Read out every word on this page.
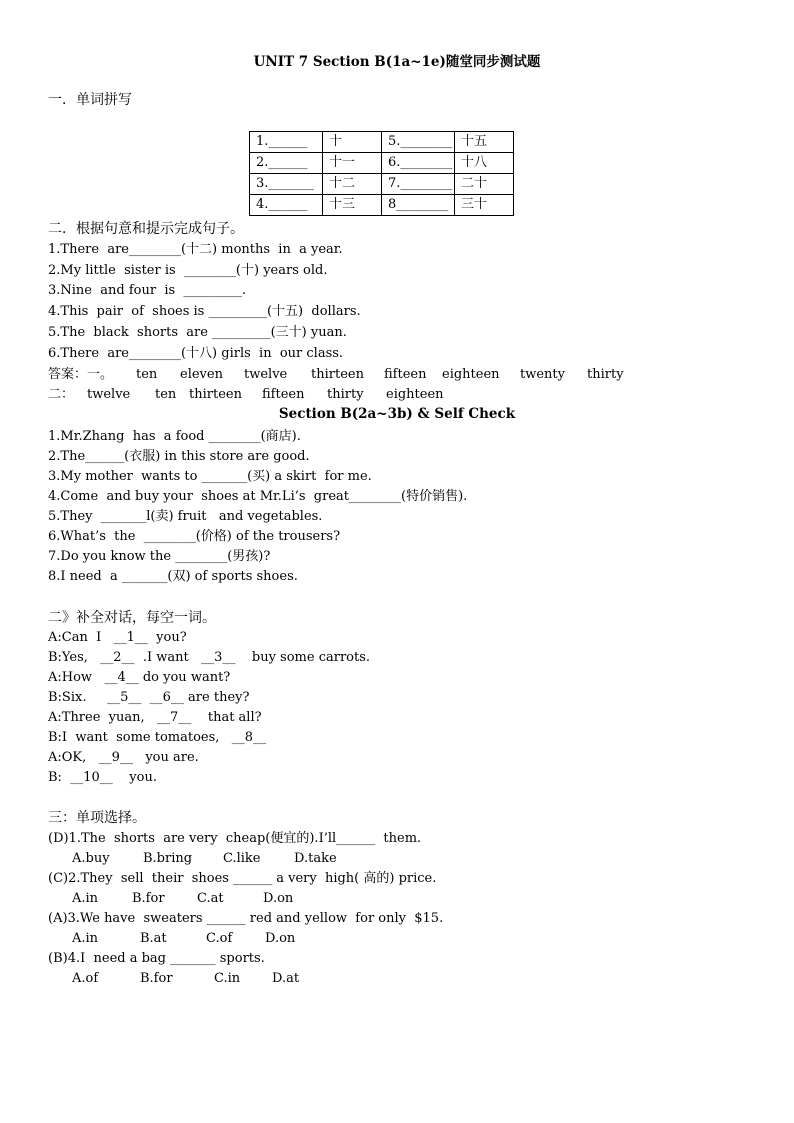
UNIT 7 Section B(1a~1e)随堂同步测试题
一．单词拼写
1.______	十	5.________	十五
2.______	十一	6.________	十八
3._______	十二	7.________	二十
4.______	十三	8________	三十
二．根据句意和提示完成句子。
1.There  are________(十二) months  in  a year.
2.My little  sister is  ________(十) years old.
3.Nine  and four  is  _________.
4.This  pair  of  shoes is _________(十五)  dollars.
5.The  black  shorts  are _________(三十) yuan.
6.There  are________(十八) girls  in  our class.
答案：一。 ten eleven twelve thirteen fifteen eighteen twenty thirty
二： twelve ten thirteen fifteen thirty eighteen
Section B(2a~3b) & Self Check
1.Mr.Zhang  has  a food ________(商店).
2.The______(衣服) in this store are good.
3.My mother  wants to _______(买) a skirt  for me.
4.Come  and buy your  shoes at Mr.Li’s  great________(特价销售).
5.They  _______l(卖) fruit   and vegetables.
6.What’s  the  ________(价格) of the trousers?
7.Do you know the ________(男孩)?
8.I need  a _______(双) of sports shoes.
二》补全对话，每空一词。
A:Can  I   __1__  you?
B:Yes,   __2__  .I want   __3__    buy some carrots.
A:How   __4__ do you want?
B:Six.     __5__  __6__ are they?
A:Three  yuan,   __7__    that all?
B:I  want  some tomatoes,   __8__
A:OK,   __9__   you are.
B:  __10__    you.
三：单项选择。
(D)1.The  shorts  are very  cheap(便宜的).I’ll______  them.
A.buy	B.bring C.like	D.take
(C)2.They  sell  their  shoes ______ a very  high( 高的) price.
A.in	B.for C.at	D.on
(A)3.We have  sweaters ______ red and yellow  for only  $15.
A.in	B.at	C.of	D.on
(B)4.I  need a bag _______ sports.
A.of	B.for	C.in D.at
